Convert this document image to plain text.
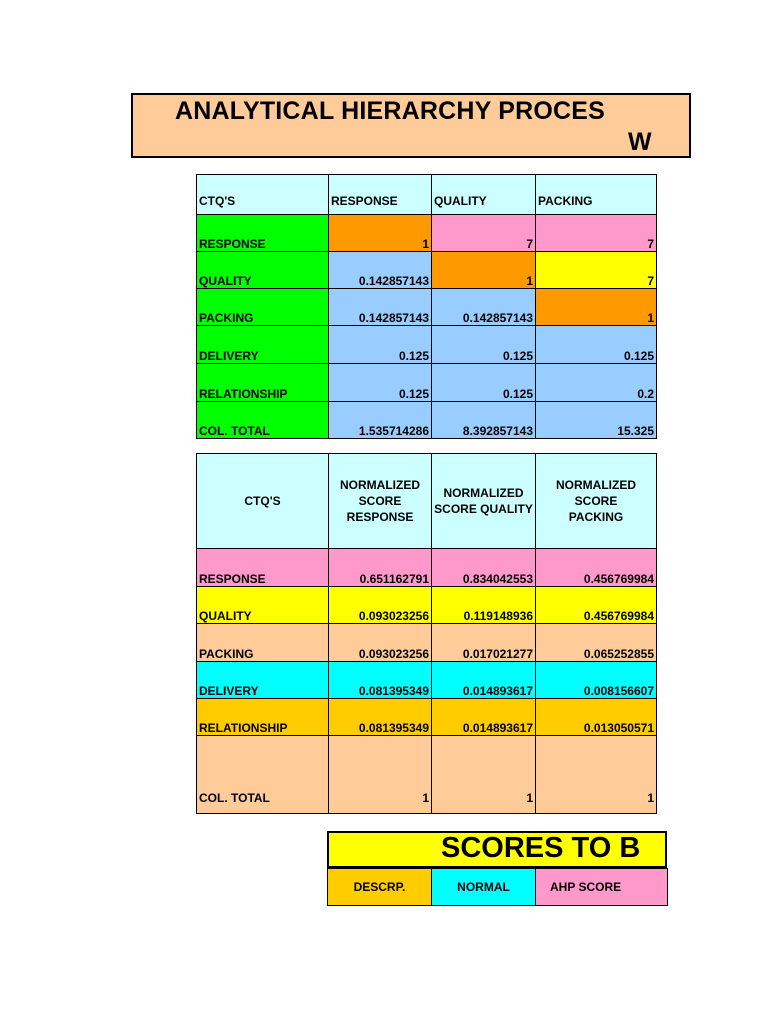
ANALYTICAL HIERARCHY PROCES
W
CTQ'S	RESPONSE	QUALITY	PACKING
RESPONSE	1	7	7
QUALITY	0.142857143	1	7
PACKING	0.142857143	0.142857143	1
DELIVERY	0.125	0.125	0.125
RELATIONSHIP	0.125	0.125	0.2
COL. TOTAL	1.535714286	8.392857143	15.325
CTQ'S	NORMALIZED SCORE RESPONSE	NORMALIZED SCORE QUALITY	NORMALIZED SCORE PACKING
RESPONSE	0.651162791	0.834042553	0.456769984
QUALITY	0.093023256	0.119148936	0.456769984
PACKING	0.093023256	0.017021277	0.065252855
DELIVERY	0.081395349	0.014893617	0.008156607
RELATIONSHIP	0.081395349	0.014893617	0.013050571
COL. TOTAL	1	1	1
SCORES TO B
DESCRP.	NORMAL	AHP SCORE
